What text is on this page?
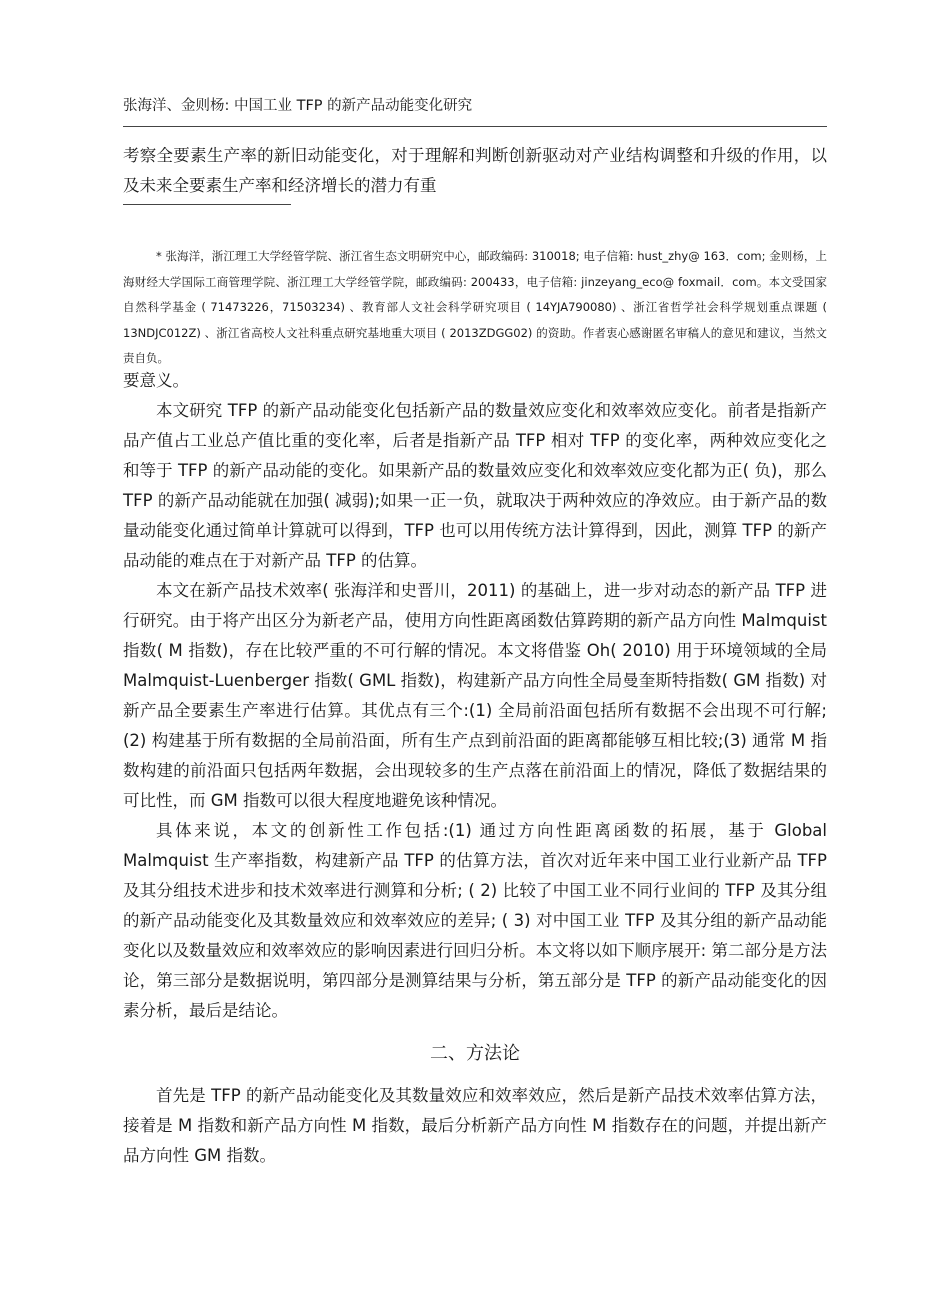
张海洋、金则杨: 中国工业 TFP 的新产品动能变化研究
考察全要素生产率的新旧动能变化，对于理解和判断创新驱动对产业结构调整和升级的作用，以及未来全要素生产率和经济增长的潜力有重
* 张海洋，浙江理工大学经管学院、浙江省生态文明研究中心，邮政编码: 310018; 电子信箱: hust_zhy@ 163．com; 金则杨，上海财经大学国际工商管理学院、浙江理工大学经管学院，邮政编码: 200433，电子信箱: jinzeyang_eco@ foxmail．com。本文受国家自然科学基金 ( 71473226，71503234) 、教育部人文社会科学研究项目 ( 14YJA790080) 、浙江省哲学社会科学规划重点课题 ( 13NDJC012Z) 、浙江省高校人文社科重点研究基地重大项目 ( 2013ZDGG02) 的资助。作者衷心感谢匿名审稿人的意见和建议，当然文责自负。
要意义。
本文研究 TFP 的新产品动能变化包括新产品的数量效应变化和效率效应变化。前者是指新产品产值占工业总产值比重的变化率，后者是指新产品 TFP 相对 TFP 的变化率，两种效应变化之和等于 TFP 的新产品动能的变化。如果新产品的数量效应变化和效率效应变化都为正( 负)，那么 TFP 的新产品动能就在加强( 减弱);如果一正一负，就取决于两种效应的净效应。由于新产品的数量动能变化通过简单计算就可以得到，TFP 也可以用传统方法计算得到，因此，测算 TFP 的新产品动能的难点在于对新产品 TFP 的估算。
本文在新产品技术效率( 张海洋和史晋川，2011) 的基础上，进一步对动态的新产品 TFP 进行研究。由于将产出区分为新老产品，使用方向性距离函数估算跨期的新产品方向性 Malmquist 指数( M 指数)，存在比较严重的不可行解的情况。本文将借鉴 Oh( 2010) 用于环境领域的全局 Malmquist-Luenberger 指数( GML 指数)，构建新产品方向性全局曼奎斯特指数( GM 指数) 对新产品全要素生产率进行估算。其优点有三个:(1) 全局前沿面包括所有数据不会出现不可行解;(2) 构建基于所有数据的全局前沿面，所有生产点到前沿面的距离都能够互相比较;(3) 通常 M 指数构建的前沿面只包括两年数据，会出现较多的生产点落在前沿面上的情况，降低了数据结果的可比性，而 GM 指数可以很大程度地避免该种情况。
具体来说，本文的创新性工作包括:(1) 通过方向性距离函数的拓展，基于 Global Malmquist 生产率指数，构建新产品 TFP 的估算方法，首次对近年来中国工业行业新产品 TFP 及其分组技术进步和技术效率进行测算和分析; ( 2) 比较了中国工业不同行业间的 TFP 及其分组的新产品动能变化及其数量效应和效率效应的差异; ( 3) 对中国工业 TFP 及其分组的新产品动能变化以及数量效应和效率效应的影响因素进行回归分析。本文将以如下顺序展开: 第二部分是方法论，第三部分是数据说明，第四部分是测算结果与分析，第五部分是 TFP 的新产品动能变化的因素分析，最后是结论。
二、方法论
首先是 TFP 的新产品动能变化及其数量效应和效率效应，然后是新产品技术效率估算方法，接着是 M 指数和新产品方向性 M 指数，最后分析新产品方向性 M 指数存在的问题，并提出新产品方向性 GM 指数。
